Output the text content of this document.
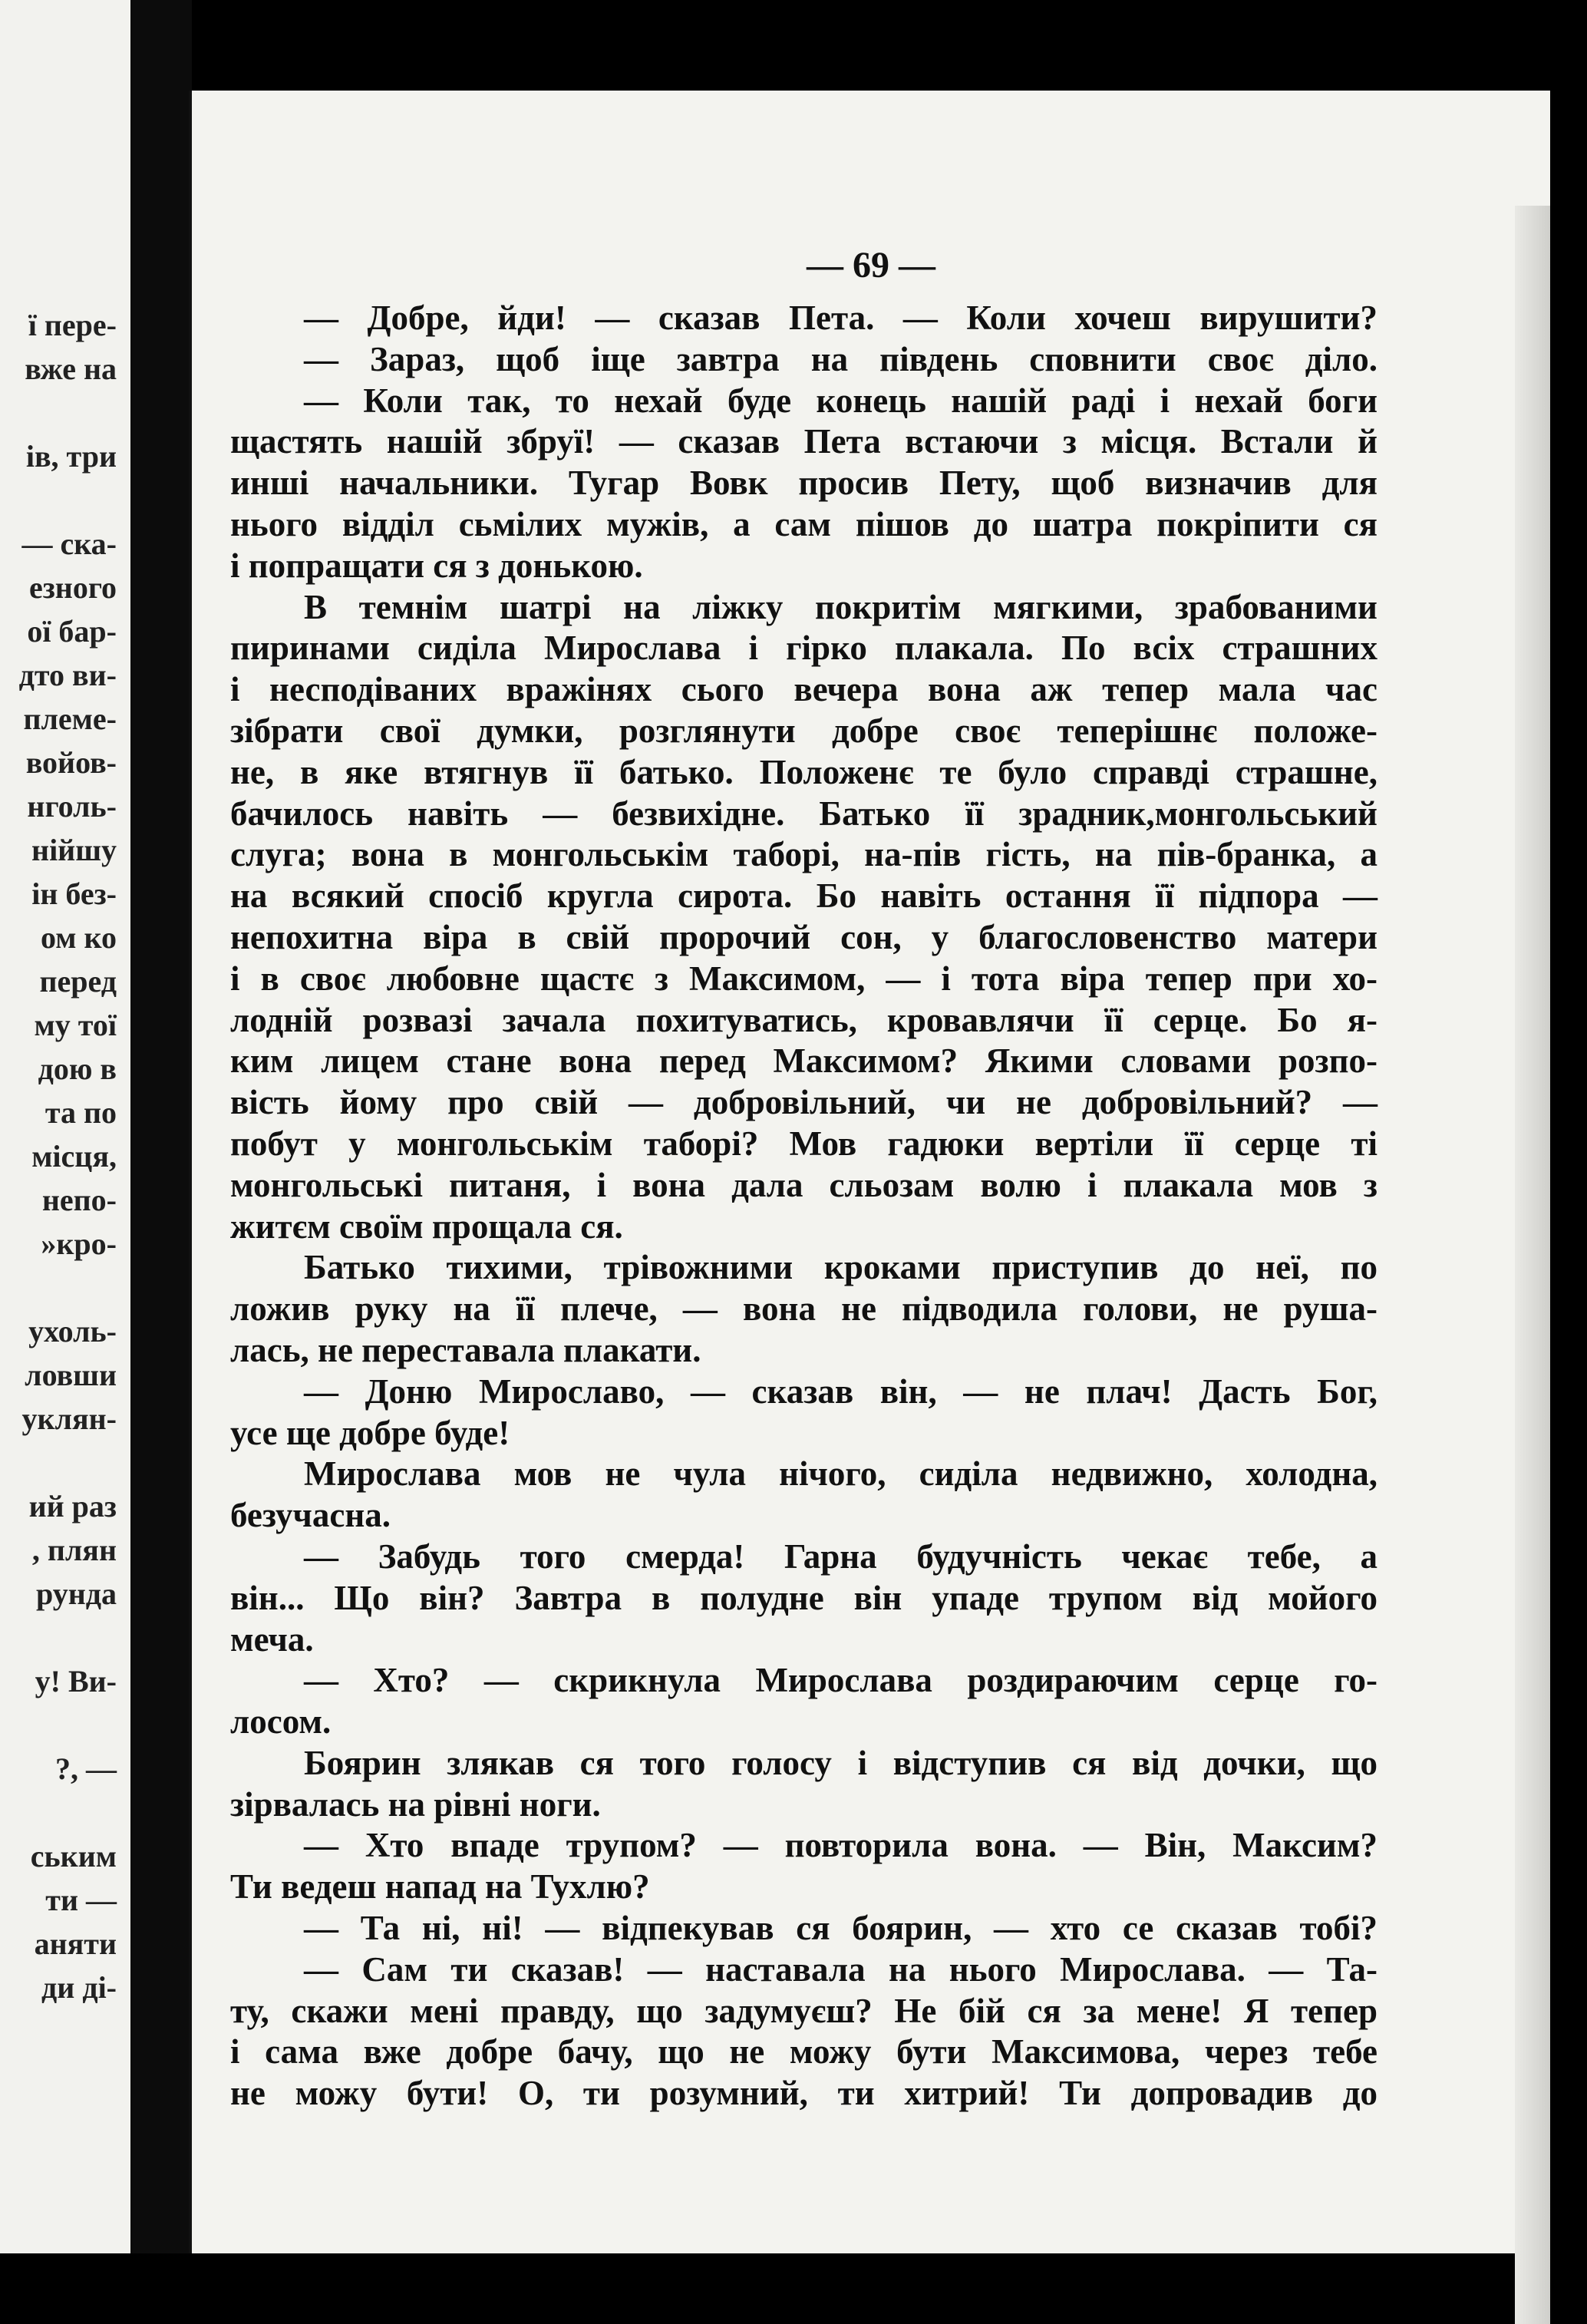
ї пере-
вже на
ів, три
— ска-
езного
ої бар-
дто ви-
племе-
войов-
нголь-
нійшу
ін без-
ом ко
перед
му тої
дою в
та по
місця,
непо-
»кро-
ухоль-
ловши
уклян-
ий раз
, плян
рунда
у! Ви-
?, —
ським
ти —
аняти
ди ді-
— 69 —
— Добре, йди! — сказав Пета. — Коли хочеш вирушити?
— Зараз, щоб іще завтра на південь сповнити своє діло.
— Коли так, то нехай буде конець нашій раді і нехай боги
щастять нашій збруї! — сказав Пета встаючи з місця. Встали й
инші начальники. Тугар Вовк просив Пету, щоб визначив для
нього відділ сьмілих мужів, а сам пішов до шатра покріпити ся
і попращати ся з донькою.
В темнім шатрі на ліжку покритім мягкими, зрабованими
пиринами сиділа Мирослава і гірко плакала. По всіх страшних
і несподіваних вражінях сього вечера вона аж тепер мала час
зібрати свої думки, розглянути добре своє теперішнє положе-
не, в яке втягнув її батько. Положенє те було справді страшне,
бачилось навіть — безвихідне. Батько її зрадник,монгольський
слуга; вона в монгольськім таборі, на-пів гість, на пів-бранка, а
на всякий спосіб кругла сирота. Бо навіть остання її підпора —
непохитна віра в свій пророчий сон, у благословенство матери
і в своє любовне щастє з Максимом, — і тота віра тепер при хо-
лодній розвазі зачала похитуватись, кровавлячи її серце. Бо я-
ким лицем стане вона перед Максимом? Якими словами розпо-
вість йому про свій — добровільний, чи не добровільний? —
побут у монгольськім таборі? Мов гадюки вертіли її серце ті
монгольські питаня, і вона дала сльозам волю і плакала мов з
житєм своїм прощала ся.
Батько тихими, трівожними кроками приступив до неї, по
ложив руку на її плече, — вона не підводила голови, не руша-
лась, не переставала плакати.
— Доню Мирославо, — сказав він, — не плач! Дасть Бог,
усе ще добре буде!
Мирослава мов не чула нічого, сиділа недвижно, холодна,
безучасна.
— Забудь того смерда! Гарна будучність чекає тебе, а
він... Що він? Завтра в полудне він упаде трупом від мойого
меча.
— Хто? — скрикнула Мирослава роздираючим серце го-
лосом.
Боярин злякав ся того голосу і відступив ся від дочки, що
зірвалась на рівні ноги.
— Хто впаде трупом? — повторила вона. — Він, Максим?
Ти ведеш напад на Тухлю?
— Та ні, ні! — відпекував ся боярин, — хто се сказав тобі?
— Сам ти сказав! — наставала на нього Мирослава. — Та-
ту, скажи мені правду, що задумуєш? Не бій ся за мене! Я тепер
і сама вже добре бачу, що не можу бути Максимова, через тебе
не можу бути! О, ти розумний, ти хитрий! Ти допровадив до
